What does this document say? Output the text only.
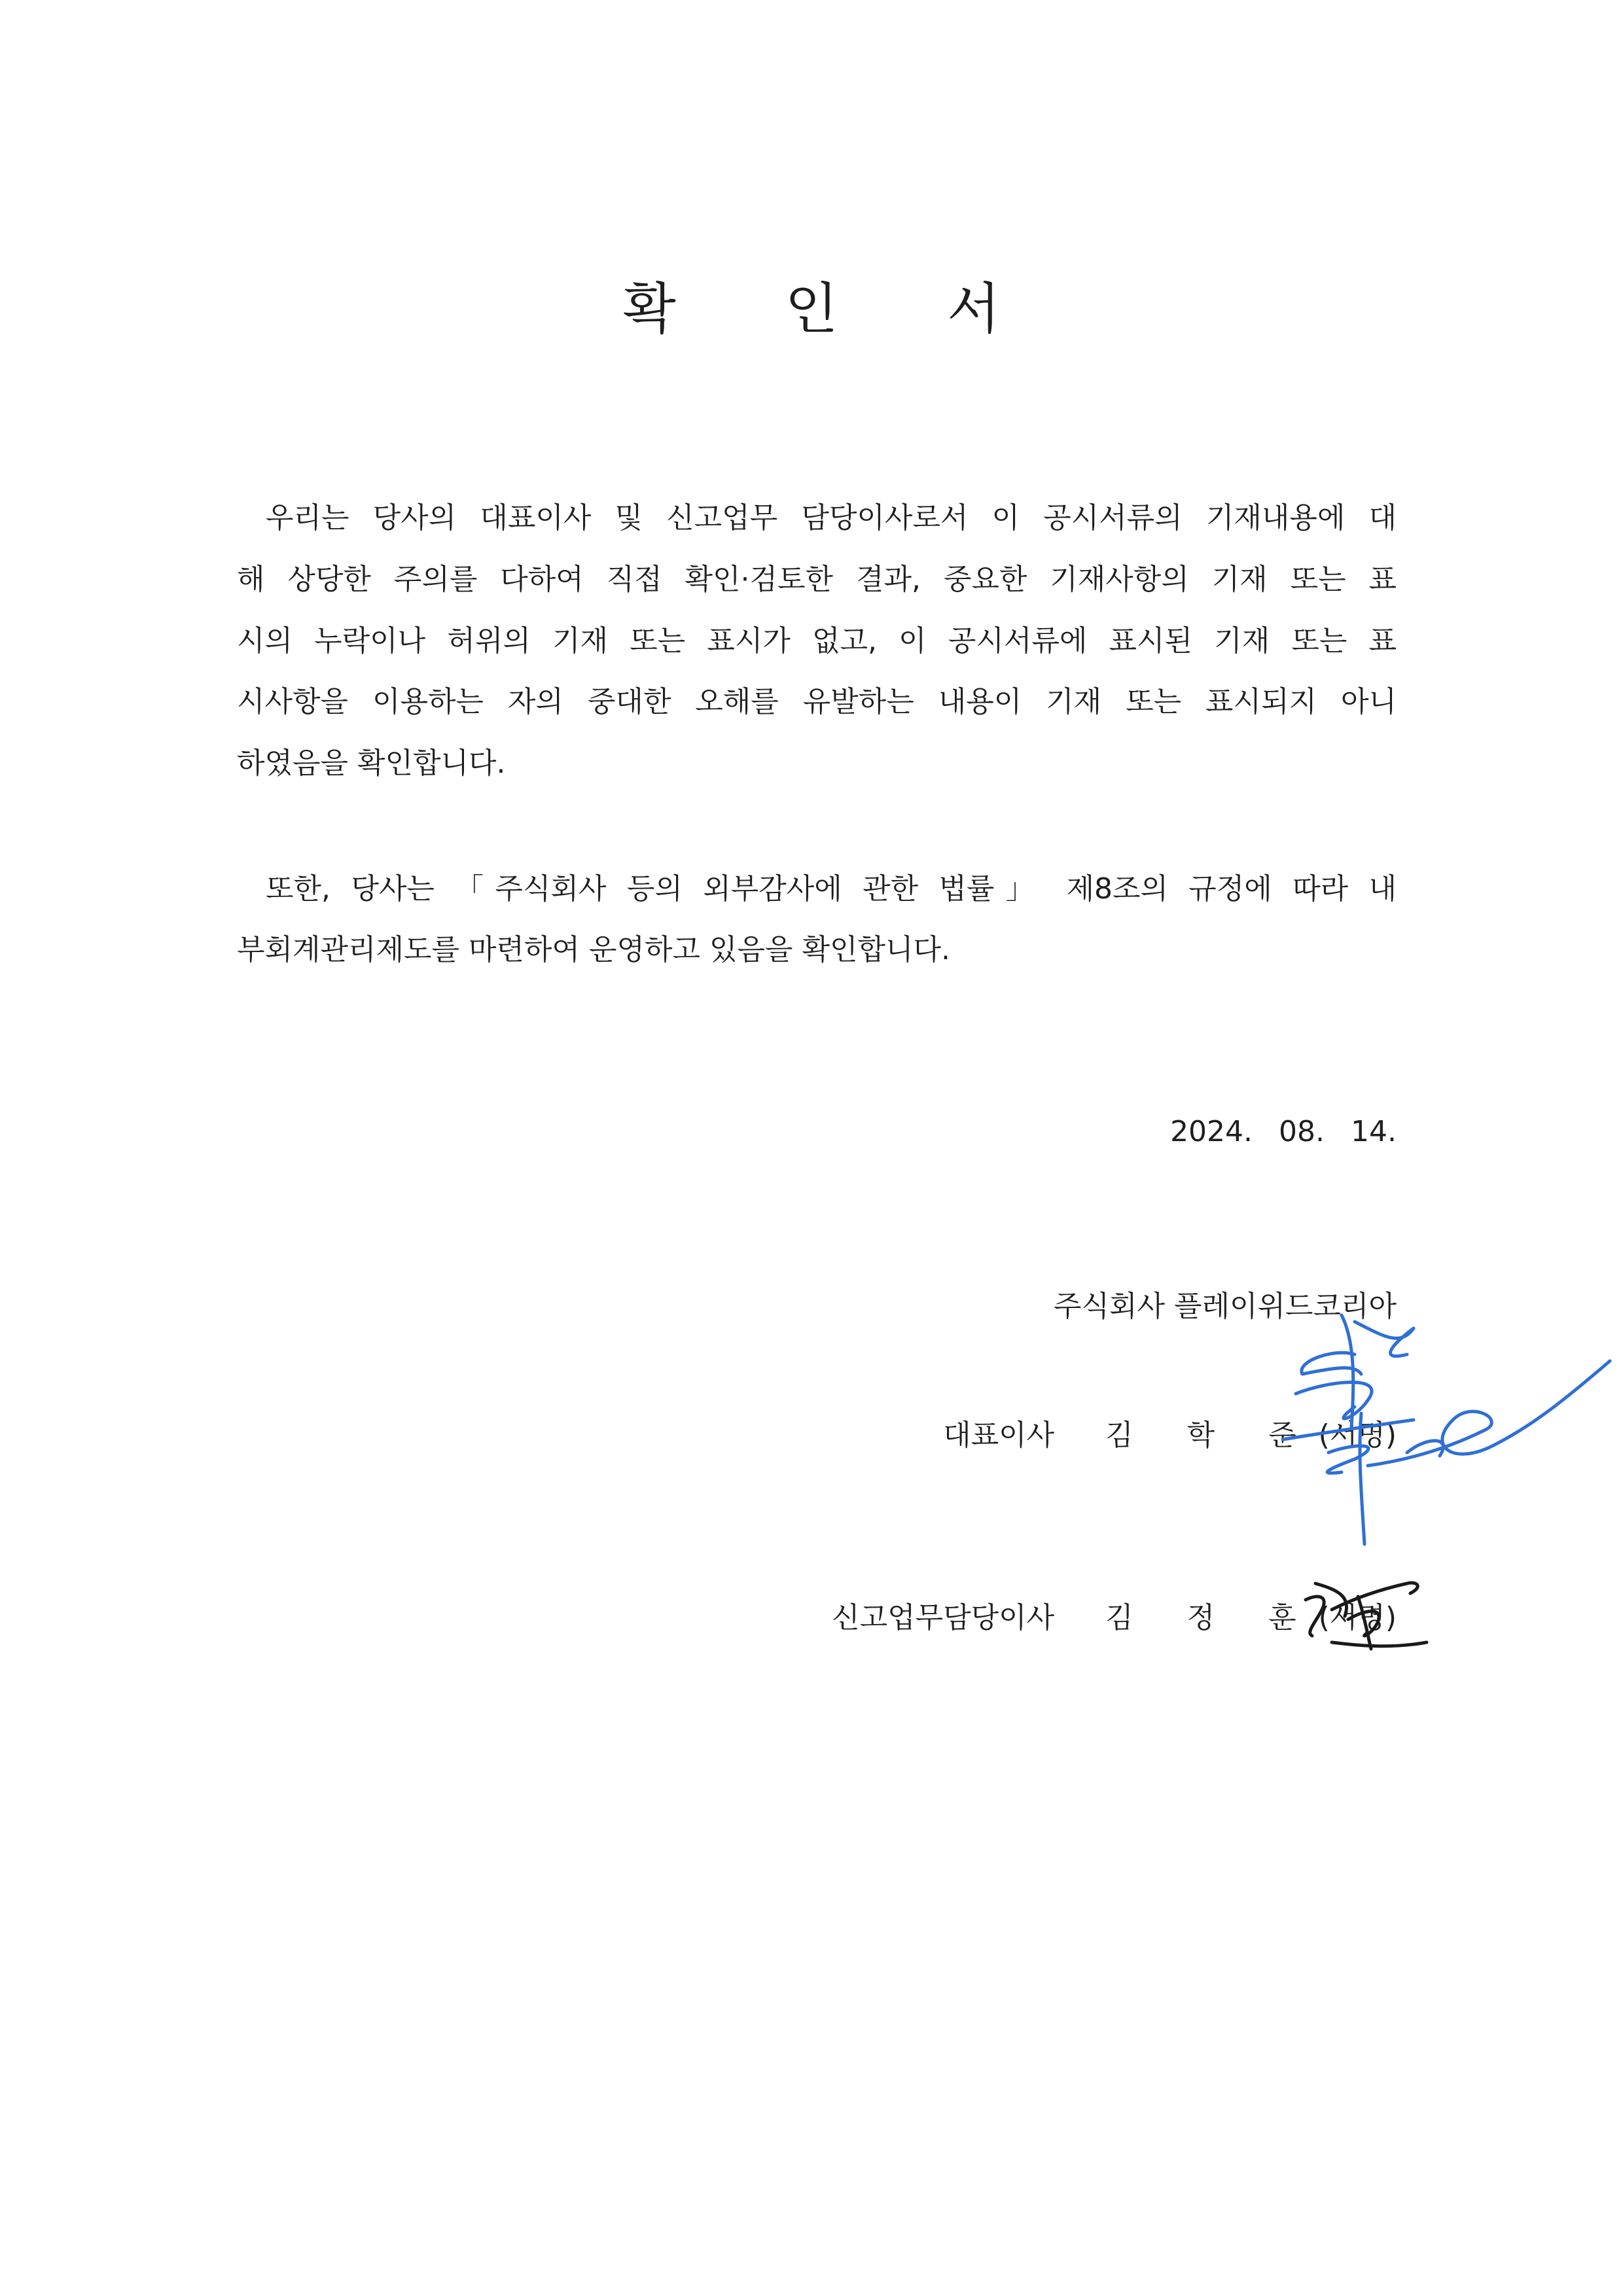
확 인 서
우리는 당사의 대표이사 및 신고업무 담당이사로서 이 공시서류의 기재내용에 대
해 상당한 주의를 다하여 직접 확인·검토한 결과, 중요한 기재사항의 기재 또는 표
시의 누락이나 허위의 기재 또는 표시가 없고, 이 공시서류에 표시된 기재 또는 표
시사항을 이용하는 자의 중대한 오해를 유발하는 내용이 기재 또는 표시되지 아니
하였음을 확인합니다.
또한, 당사는 「주식회사 등의 외부감사에 관한 법률」 제8조의 규정에 따라 내
부회계관리제도를 마련하여 운영하고 있음을 확인합니다.
2024. 08. 14.
주식회사 플레이위드코리아
대표이사 김 학 준(서명)
신고업무담당이사 김 정 훈(서명)
